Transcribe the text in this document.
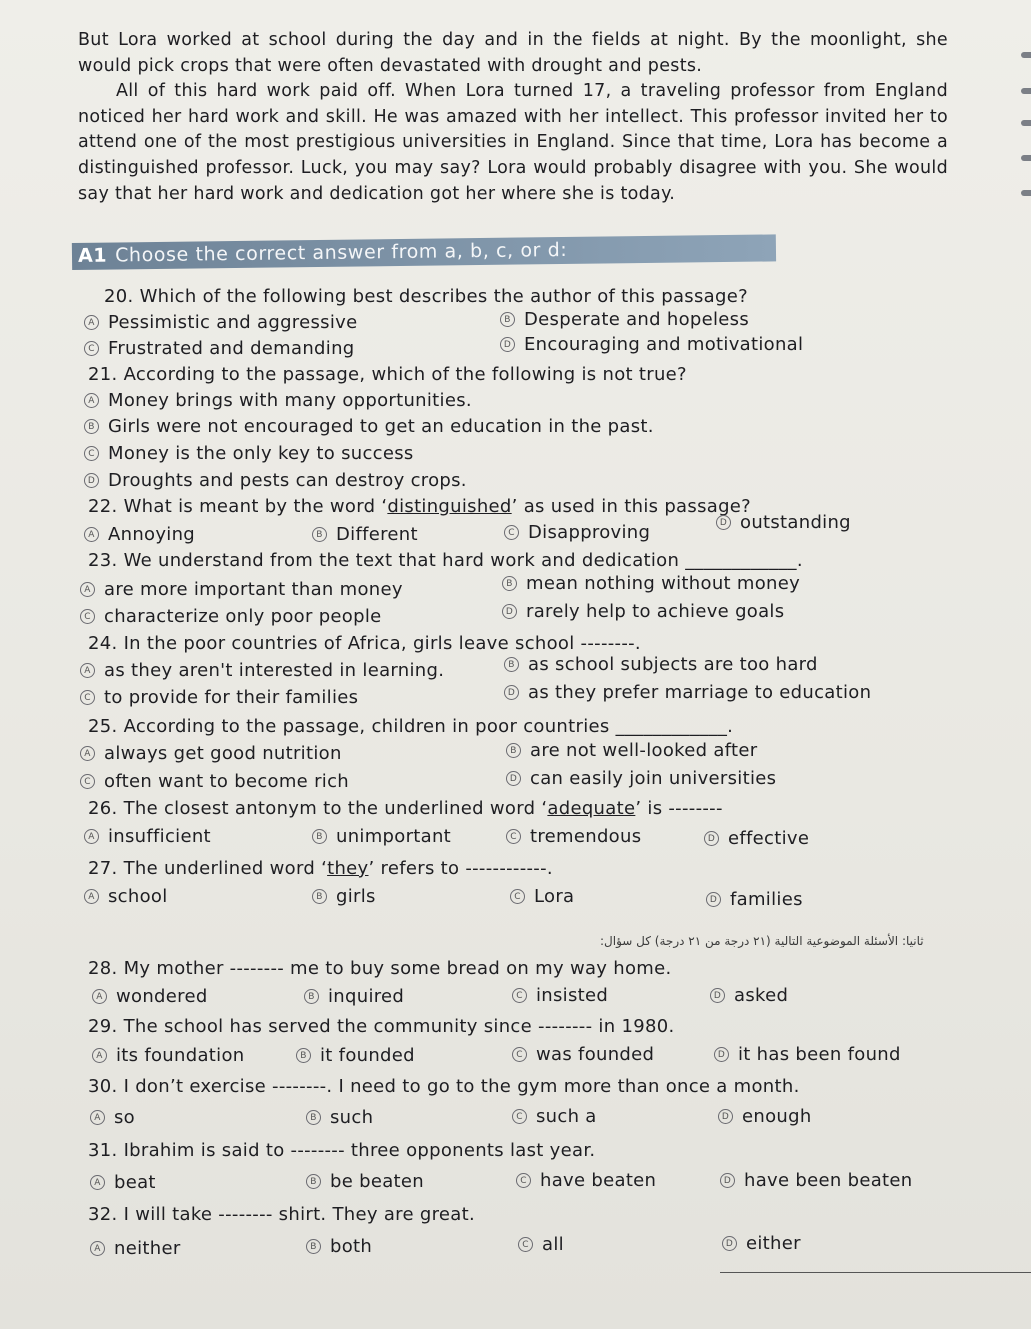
But Lora worked at school during the day and in the fields at night. By the moonlight, she would pick crops that were often devastated with drought and pests.

All of this hard work paid off. When Lora turned 17, a traveling professor from England noticed her hard work and skill. He was amazed with her intellect. This professor invited her to attend one of the most prestigious universities in England. Since that time, Lora has become a distinguished professor. Luck, you may say? Lora would probably disagree with you. She would say that her hard work and dedication got her where she is today.

A1 Choose the correct answer from a, b, c, or d:
20. Which of the following best describes the author of this passage?
A Pessimistic and aggressive	B Desperate and hopeless
C Frustrated and demanding	D Encouraging and motivational
21. According to the passage, which of the following is not true?
A Money brings with many opportunities.
B Girls were not encouraged to get an education in the past.
C Money is the only key to success
D Droughts and pests can destroy crops.
22. What is meant by the word ‘distinguished’ as used in this passage?
A Annoying	B Different	C Disapproving	D outstanding
23. We understand from the text that hard work and dedication ____________.
A are more important than money	B mean nothing without money
C characterize only poor people	D rarely help to achieve goals
24. In the poor countries of Africa, girls leave school --------.
A as they aren't interested in learning.	B as school subjects are too hard
C to provide for their families	D as they prefer marriage to education
25. According to the passage, children in poor countries ____________.
A always get good nutrition	B are not well-looked after
C often want to become rich	D can easily join universities
26. The closest antonym to the underlined word ‘adequate’ is --------
A insufficient	B unimportant	C tremendous	D effective
27. The underlined word ‘they’ refers to ------------.
A school	B girls	C Lora	D families
ثانيا: الأسئلة الموضوعية التالية (٢١ درجة من ٢١ درجة) كل سؤال:
28. My mother -------- me to buy some bread on my way home.
A wondered	B inquired	C insisted	D asked
29. The school has served the community since -------- in 1980.
A its foundation	B it founded	C was founded	D it has been found
30. I don’t exercise --------. I need to go to the gym more than once a month.
A so	B such	C such a	D enough
31. Ibrahim is said to -------- three opponents last year.
A beat	B be beaten	C have beaten	D have been beaten
32. I will take -------- shirt. They are great.
A neither	B both	C all	D either
